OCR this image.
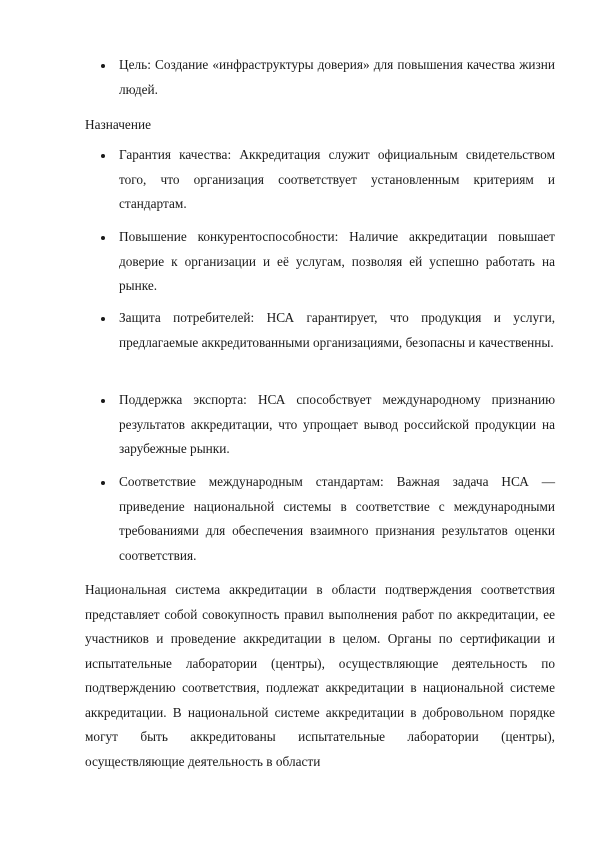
Цель: Создание «инфраструктуры доверия» для повышения качества жизни людей.
Назначение
Гарантия качества: Аккредитация служит официальным свидетельством того, что организация соответствует установленным критериям и стандартам.
Повышение конкурентоспособности: Наличие аккредитации повышает доверие к организации и её услугам, позволяя ей успешно работать на рынке.
Защита потребителей: НСА гарантирует, что продукция и услуги, предлагаемые аккредитованными организациями, безопасны и качественны.
Поддержка экспорта: НСА способствует международному признанию результатов аккредитации, что упрощает вывод российской продукции на зарубежные рынки.
Соответствие международным стандартам: Важная задача НСА — приведение национальной системы в соответствие с международными требованиями для обеспечения взаимного признания результатов оценки соответствия.
Национальная система аккредитации в области подтверждения соответствия представляет собой совокупность правил выполнения работ по аккредитации, ее участников и проведение аккредитации в целом. Органы по сертификации и испытательные лаборатории (центры), осуществляющие деятельность по подтверждению соответствия, подлежат аккредитации в национальной системе аккредитации. В национальной системе аккредитации в добровольном порядке могут быть аккредитованы испытательные лаборатории (центры), осуществляющие деятельность в области
